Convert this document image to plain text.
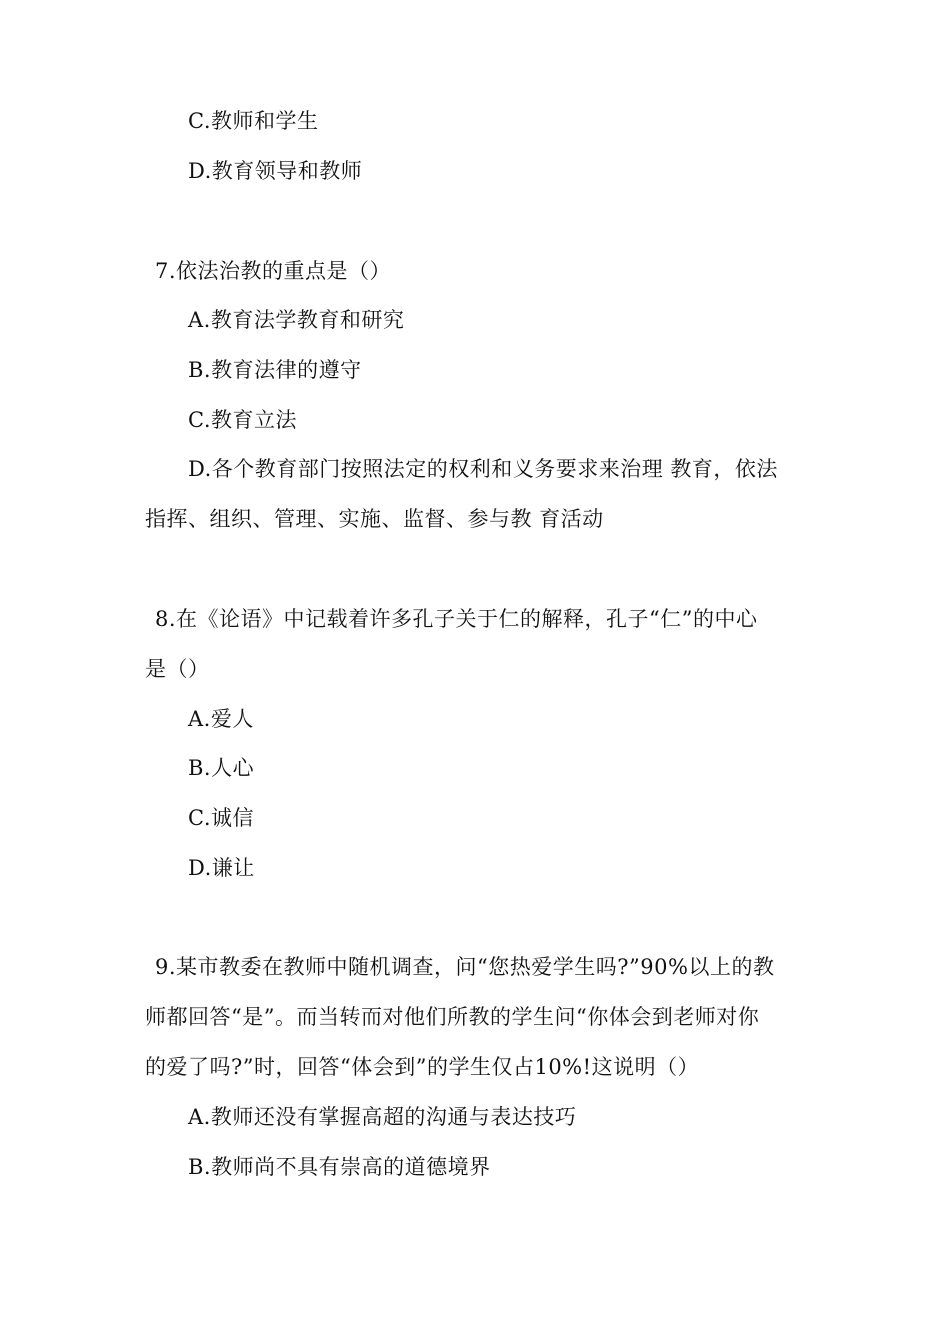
C.教师和学生
D.教育领导和教师
7.依法治教的重点是（）
A.教育法学教育和研究
B.教育法律的遵守
C.教育立法
D.各个教育部门按照法定的权利和义务要求来治理 教育，依法
指挥、组织、管理、实施、监督、参与教 育活动
8.在《论语》中记载着许多孔子关于仁的解释，孔子“仁”的中心
是（）
A.爱人
B.人心
C.诚信
D.谦让
9.某市教委在教师中随机调查，问“您热爱学生吗?”90%以上的教
师都回答“是”。而当转而对他们所教的学生问“你体会到老师对你
的爱了吗?”时，回答“体会到”的学生仅占10%!这说明（）
A.教师还没有掌握高超的沟通与表达技巧
B.教师尚不具有崇高的道德境界
